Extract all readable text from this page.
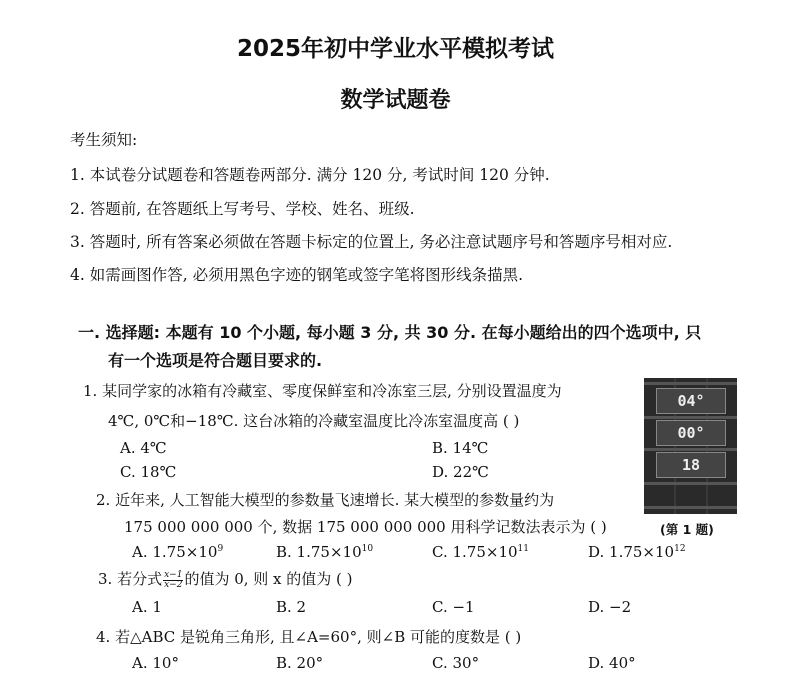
2025年初中学业水平模拟考试
数学试题卷
考生须知:
1. 本试卷分试题卷和答题卷两部分. 满分 120 分, 考试时间 120 分钟.
2. 答题前, 在答题纸上写考号、学校、姓名、班级.
3. 答题时, 所有答案必须做在答题卡标定的位置上, 务必注意试题序号和答题序号相对应.
4. 如需画图作答, 必须用黑色字迹的钢笔或签字笔将图形线条描黑.
一. 选择题: 本题有 10 个小题, 每小题 3 分, 共 30 分. 在每小题给出的四个选项中, 只
有一个选项是符合题目要求的.
1. 某同学家的冰箱有冷藏室、零度保鲜室和冷冻室三层, 分别设置温度为
4℃, 0℃和−18℃. 这台冰箱的冷藏室温度比冷冻室温度高 ( )
A. 4℃	B. 14℃
C. 18℃	D. 22℃
04°
00°
18
(第 1 题)
2. 近年来, 人工智能大模型的参数量飞速增长. 某大模型的参数量约为
175 000 000 000 个, 数据 175 000 000 000 用科学记数法表示为 ( )
A. $1.75\times 10^9$	B. $1.75\times 10^{10}$	C. $1.75\times 10^{11}$	D. $1.75\times 10^{12}$
3. 若分式 $\frac{x-1}{x-2}$ 的值为 0, 则 x 的值为 ( )
A. 1	B. 2	C. −1	D. −2
4. 若△ABC 是锐角三角形, 且∠A=60°, 则∠B 可能的度数是 ( )
A. 10°	B. 20°	C. 30°	D. 40°
